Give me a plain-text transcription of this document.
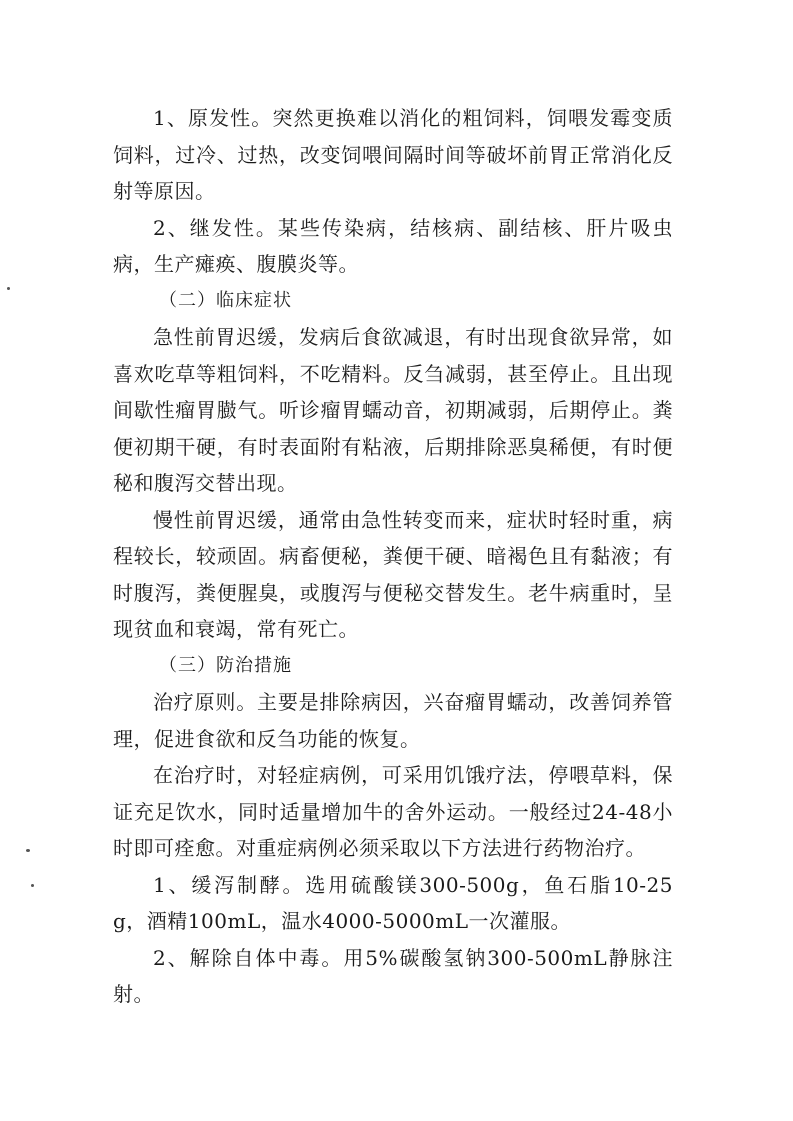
1、原发性。突然更换难以消化的粗饲料，饲喂发霉变质饲料，过冷、过热，改变饲喂间隔时间等破坏前胃正常消化反射等原因。

2、继发性。某些传染病，结核病、副结核、肝片吸虫病，生产瘫痪、腹膜炎等。

（二）临床症状

急性前胃迟缓，发病后食欲减退，有时出现食欲异常，如喜欢吃草等粗饲料，不吃精料。反刍减弱，甚至停止。且出现间歇性瘤胃臌气。听诊瘤胃蠕动音，初期减弱，后期停止。粪便初期干硬，有时表面附有粘液，后期排除恶臭稀便，有时便秘和腹泻交替出现。

慢性前胃迟缓，通常由急性转变而来，症状时轻时重，病程较长，较顽固。病畜便秘，粪便干硬、暗褐色且有黏液；有时腹泻，粪便腥臭，或腹泻与便秘交替发生。老牛病重时，呈现贫血和衰竭，常有死亡。

（三）防治措施

治疗原则。主要是排除病因，兴奋瘤胃蠕动，改善饲养管理，促进食欲和反刍功能的恢复。

在治疗时，对轻症病例，可采用饥饿疗法，停喂草料，保证充足饮水，同时适量增加牛的舍外运动。一般经过24-48小时即可痊愈。对重症病例必须采取以下方法进行药物治疗。

1、缓泻制酵。选用硫酸镁300-500g，鱼石脂10-25 g，酒精100mL，温水4000-5000mL一次灌服。

2、解除自体中毒。用5%碳酸氢钠300-500mL静脉注射。
